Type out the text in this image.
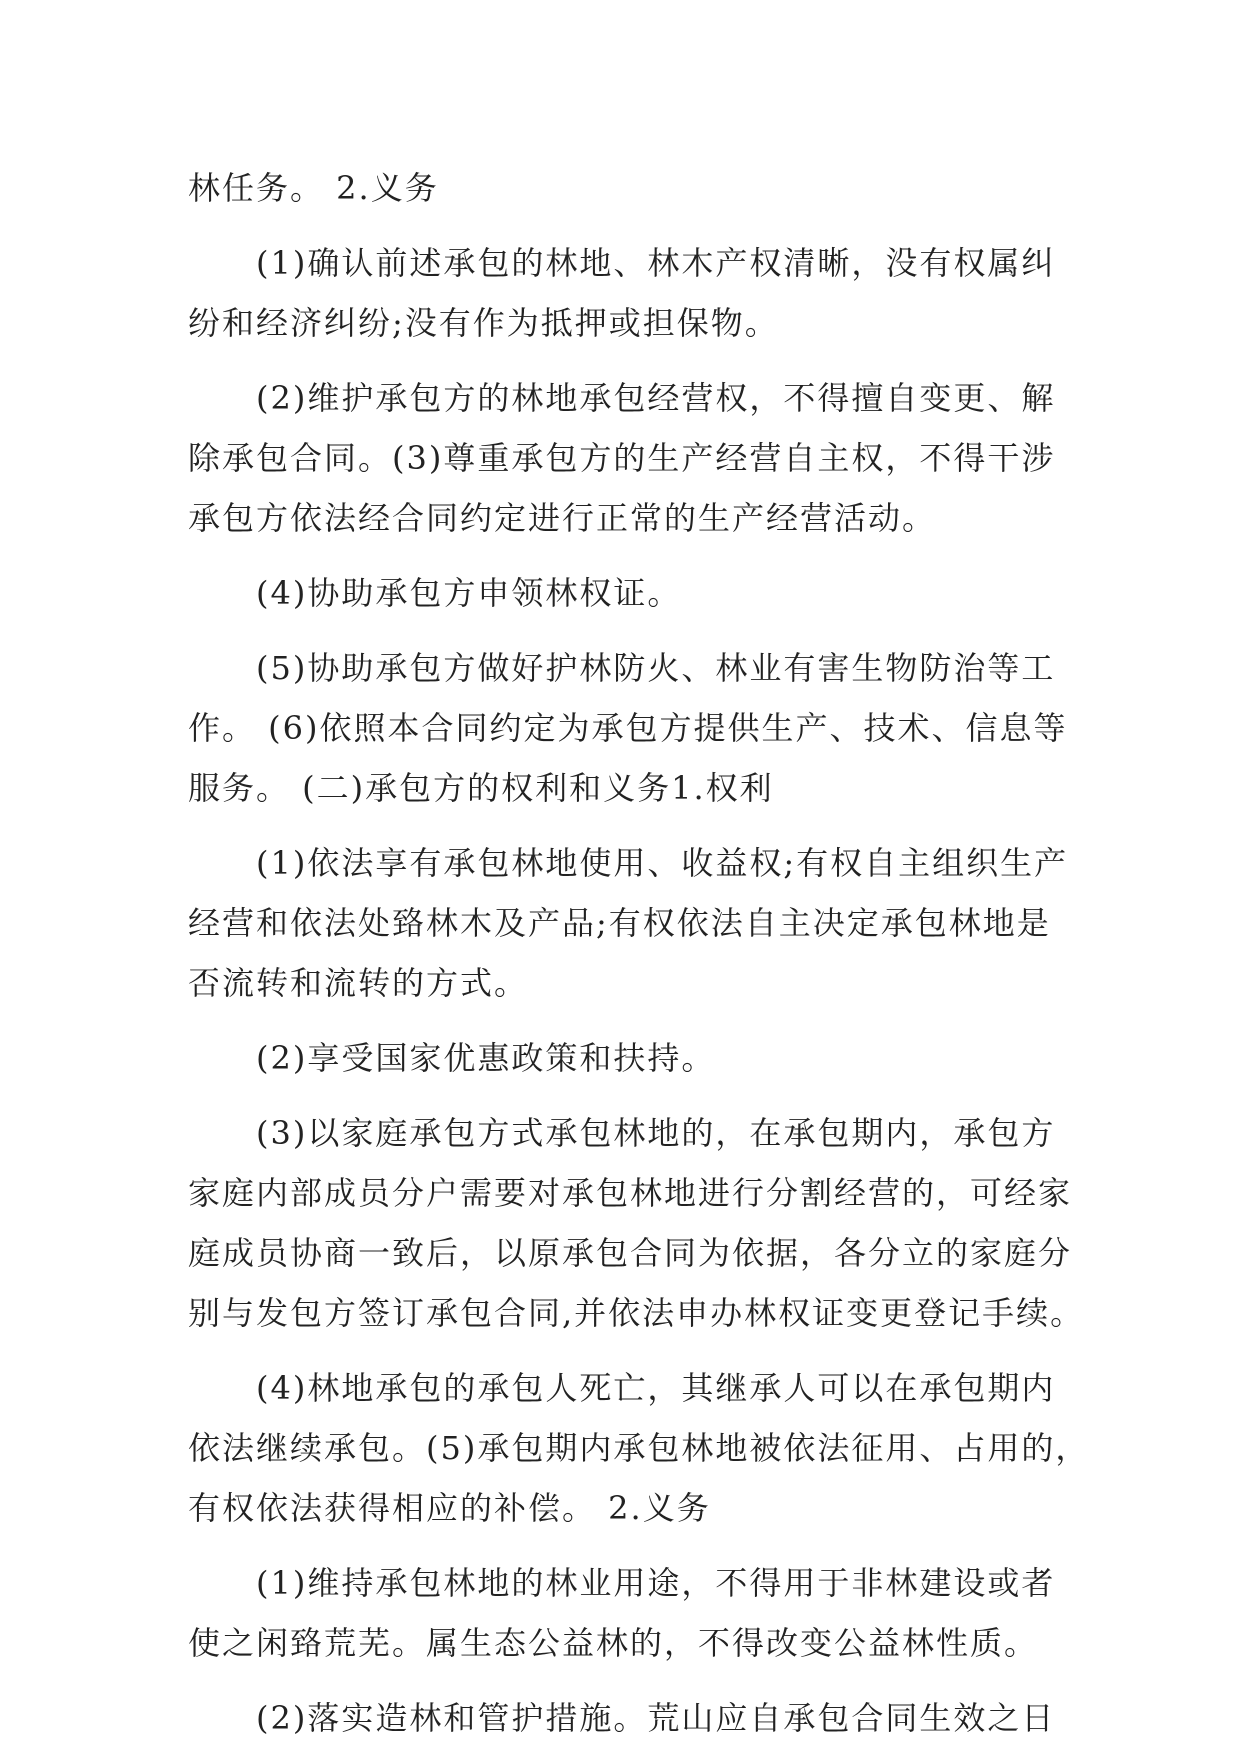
林任务。 2.义务
(1)确认前述承包的林地、林木产权清晰，没有权属纠
纷和经济纠纷;没有作为抵押或担保物。
(2)维护承包方的林地承包经营权，不得擅自变更、解
除承包合同。(3)尊重承包方的生产经营自主权，不得干涉
承包方依法经合同约定进行正常的生产经营活动。
(4)协助承包方申领林权证。
(5)协助承包方做好护林防火、林业有害生物防治等工
作。 (6)依照本合同约定为承包方提供生产、技术、信息等
服务。 (二)承包方的权利和义务1.权利
(1)依法享有承包林地使用、收益权;有权自主组织生产
经营和依法处臵林木及产品;有权依法自主决定承包林地是
否流转和流转的方式。
(2)享受国家优惠政策和扶持。
(3)以家庭承包方式承包林地的，在承包期内，承包方
家庭内部成员分户需要对承包林地进行分割经营的，可经家
庭成员协商一致后，以原承包合同为依据，各分立的家庭分
别与发包方签订承包合同,并依法申办林权证变更登记手续。
(4)林地承包的承包人死亡，其继承人可以在承包期内
依法继续承包。(5)承包期内承包林地被依法征用、占用的，
有权依法获得相应的补偿。 2.义务
(1)维持承包林地的林业用途，不得用于非林建设或者
使之闲臵荒芜。属生态公益林的，不得改变公益林性质。
(2)落实造林和管护措施。荒山应自承包合同生效之日
